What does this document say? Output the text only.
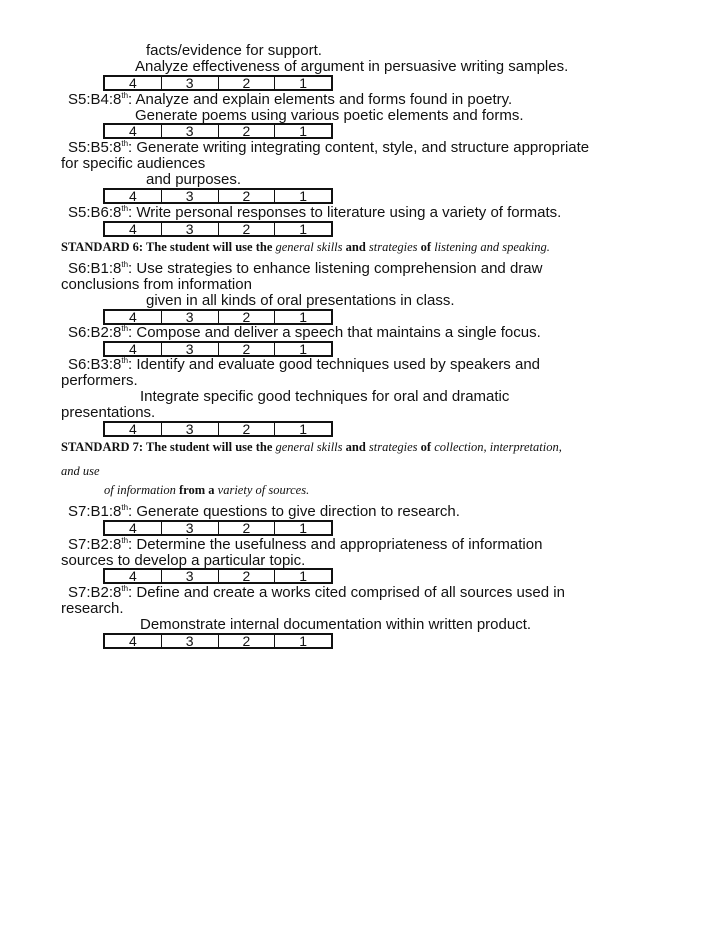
facts/evidence for support.
Analyze effectiveness of argument in persuasive writing samples.
4	3	2	1
S5:B4:8th: Analyze and explain elements and forms found in poetry.
Generate poems using various poetic elements and forms.
4	3	2	1
S5:B5:8th: Generate writing integrating content, style, and structure appropriate
for specific audiences
and purposes.
4	3	2	1
S5:B6:8th: Write personal responses to literature using a variety of formats.
4	3	2	1
STANDARD 6: The student will use the general skills and strategies of listening and speaking.
S6:B1:8th: Use strategies to enhance listening comprehension and draw
conclusions from information
given in all kinds of oral presentations in class.
4	3	2	1
S6:B2:8th: Compose and deliver a speech that maintains a single focus.
4	3	2	1
S6:B3:8th: Identify and evaluate good techniques used by speakers and
performers.
Integrate specific good techniques for oral and dramatic
presentations.
4	3	2	1
STANDARD 7: The student will use the general skills and strategies of collection, interpretation,
and use
of information from a variety of sources.
S7:B1:8th: Generate questions to give direction to research.
4	3	2	1
S7:B2:8th: Determine the usefulness and appropriateness of information
sources to develop a particular topic.
4	3	2	1
S7:B2:8th: Define and create a works cited comprised of all sources used in
research.
Demonstrate internal documentation within written product.
4	3	2	1
